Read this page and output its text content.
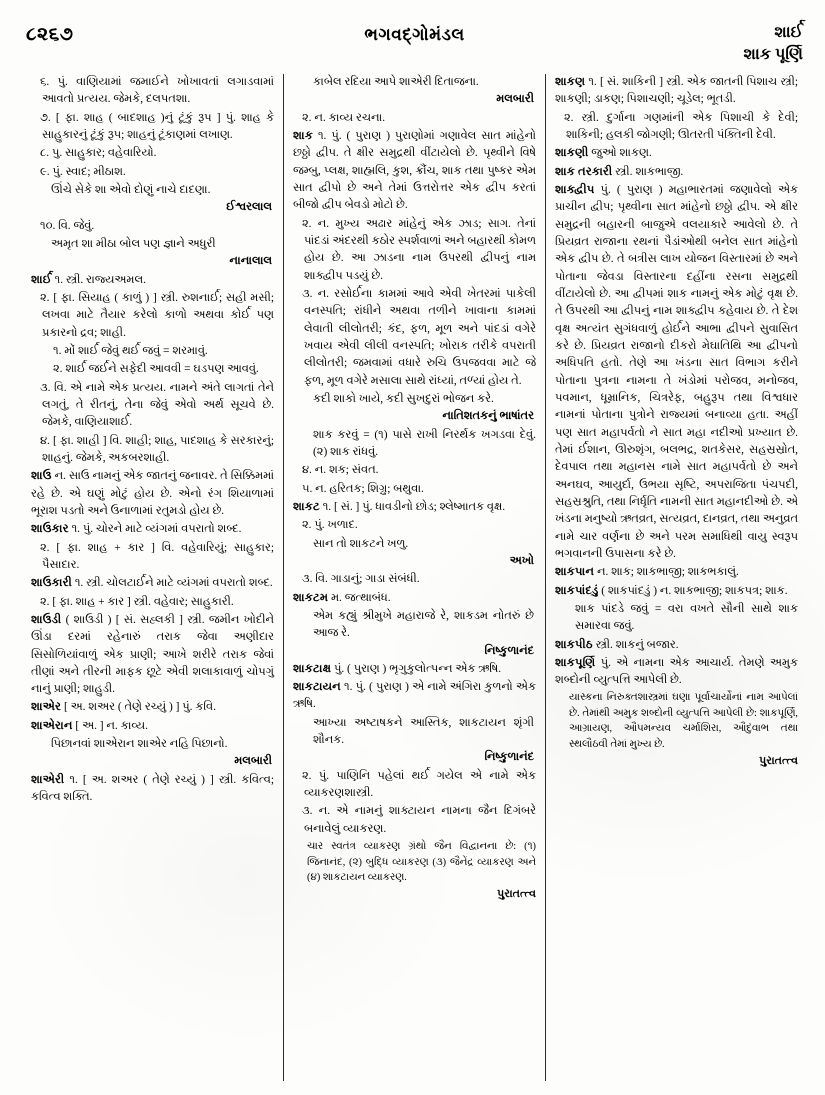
૮૨૬૭	ભગવદ્ગોમંડલ	શાર્ઈ
શાક પૂર્ણિ

૬. પું. વાણિયામાં જમાઈને ખોખાવતાં લગાડવામાં આવતો પ્રત્યય. જેમકે, દલપતશા.

૭. [ ફા. શાહ ( બાદશાહ )નું ટૂંકું રૂપ ] પું. શાહ કે સાહુકારનું ટૂંકું રૂપ; શાહનું ટૂંકાણમાં લખાણ.

૮. પુ. સાહુકાર; વહેવારિયો.

૯. પું. સ્વાદ; મીઠાશ.

ઊંચે સેકે શા એવો દોણું નાચે દાદણા.

ઈશ્વરલાલ

૧૦. વિ. જેવું.

અમૃત શા મીઠા બોલ પણ જ્ઞાને અધુરી

નાનાલાલ

શાર્ઈ ૧. સ્ત્રી. રાજ્યઅમલ.

૨. [ ફા. સિયાહ ( કાળું ) ] સ્ત્રી. રુશનાર્ઈ; સહી મસી; લખવા માટે તૈયાર કરેલો કાળો અથવા કોર્ઈ પણ પ્રકારનો દ્રવ; શાહી.

૧. મોં શાર્ઈ જેવું થર્ઈ જવું = શરમાવું.

૨. શાર્ઈ જર્ઈને સફેદી આવવી = ઘડપણ આવવું.

૩. વિ. એ નામે એક પ્રત્યય. નામને અંતે લાગતાં તેને લગતું, તે રીતનું, તેના જેવું એવો અર્થ સૂચવે છે. જેમકે, વાણિયાશાર્ઈ.

૪. [ ફા. શાહી ] વિ. શાહી; શાહ, પાદશાહ કે સરકારનું; શાહનું. જેમકે, અકબરશાહી.

શાઉ ન. સાઉ નામનું એક જાતનું જનાવર. તે સિક્કિમમાં રહે છે. એ ઘણું મોટું હોય છે. એનો રંગ શિયાળામાં ભૂરાશ પડતો અને ઉનાળામાં રતુમડો હોય છે.

શાઉકાર ૧. પું. ચોરને માટે વ્યંગમાં વપરાતો શબ્દ.

૨. [ ફા. શાહ + કાર ] વિ. વહેવારિયું; સાહુકાર; પૈસાદાર.

શાઉકારી ૧. સ્ત્રી. ચોલટાર્ઈને માટે વ્યંગમાં વપરાતો શબ્દ.

૨. [ ફા. શાહ + કાર ] સ્ત્રી. વહેવાર; સાહુકારી.

શાઉડી ( શાઉડી ) [ સં. સહ્લકી ] સ્ત્રી. જમીન ખોદીને ઊંડા દરમાં રહેનારું તરાક જેવા અણીદાર સિસોળિયાંવાળું એક પ્રાણી; આખે શરીરે તરાક જેવાં તીણાં અને તીરની માફક છૂટે એવી શલાકાવાળું ચોપગું નાનું પ્રાણી; શાહુડી.

શાએર [ અ. શઅર ( તેણે રચ્યું ) ] પું. કવિ.

શાએરાન [ અ. ] ન. કાવ્ય.

પિછાનવાં શાએરાન શાએર નહિ પિછાનો.

મલબારી

શાએરી ૧. [ અ. શઅર ( તેણે રચ્યું ) ] સ્ત્રી. કવિત્વ; કવિત્વ શક્તિ.

કાબેલ રદિયા આપે શાએરી દિતાજના.

મલબારી

૨. ન. કાવ્ય રચના.

શાક ૧. પું. ( પુરાણ ) પુરાણોમાં ગણાવેલ સાત માંહેનો છઠ્ઠો દ્વીપ. તે ક્ષીર સમુદ્રથી વીંટાયેલો છે. પૃથ્વીને વિષે જમ્બુ, પ્લક્ષ, શાહ્મલિ, કુશ, ક્રૌંચ, શાક તથા પુષ્કર એમ સાત દ્વીપો છે અને તેમાં ઉત્તરોત્તર એક દ્વીપ કરતાં બીજો દ્વીપ બેવડો મોટો છે.

૨. ન. મુખ્ય અઢાર માંહેનું એક ઝાડ; સાગ. તેનાં પાંદડાં અંદરથી કઠોર સ્પર્શવાળાં અને બહારથી કોમળ હોય છે. આ ઝાડના નામ ઉપરથી દ્વીપનું નામ શાક્દ્વીપ પડયું છે.

૩. ન. રસોર્ઈના કામમાં આવે એવી ખેતરમાં પાકેલી વનસ્પતિ; રાંધીને અથવા તળીને ખાવાના કામમાં લેવાતી લીલોતરી; કંદ, ફળ, મૂળ અને પાંદડાં વગેરે ખવાય એવી લીલી વનસ્પતિ; ખોરાક તરીકે વપરાતી લીલોતરી; જમવામાં વધારે રુચિ ઉપજવવા માટે જે ફળ, મૂળ વગેરે મસાલા સાથે રાંધ્યાં, તળ્યાં હોય તે.

કદી શાકો ખાયે, કદી સુખદુરાં ભોજન કરે.

નાતિશતકનું ભાષાંતર

શાક કરવું = (૧) પાસે રાખી નિરર્થક ખગડવા દેવું. (૨) શાક રાંધવું.

૪. ન. શક; સંવત.

૫. ન. હરિતક; શિગ્રુ; બથુવા.

શાકટ ૧. [ સં. ] પું. ધાવડીનો છોડ; શ્લેષ્માતક વૃક્ષ.

૨. પું. ખળાદ.

સાન તો શાકટને ખળુ.

અખો

૩. વિ. ગાડાનું; ગાડા સંબંધી.

શાકટમ મ. જત્થાબંધ.

એમ કહ્યું શ્રીમુખે મહારાજે રે, શાકડમ નોતરું છે આજ રે.

નિષ્કુળાનંદ

શાકટાક્ષ પું. ( પુરાણ ) ભૃગુકુલોત્પન્ન એક ઋષિ.

શાકટાયન ૧. પું. ( પુરાણ ) એ નામે અંગિરા કુળનો એક ઋષિ.

આખ્યા અષ્ટાષકને આસ્તિક, શાકટાયન શૃંગી શૌનક.

નિષ્કુળાનંદ

૨. પું. પાણિનિ પહેલાં થર્ઈ ગયેલ એ નામે એક વ્યાકરણશાસ્ત્રી.

૩. ન. એ નામનું શાક્ટાયન નામના જૈન દિગંબરે બનાવેલું વ્યાકરણ.

ચાર સ્વતંત્ર વ્યાકરણ ગ્રંથો જૈન વિદ્વાનના છે: (૧) જિનાનંદ, (૨) બુદ્ધિ વ્યાકરણ (૩) જૈનેંદ્ર વ્યાકરણ અને (૪) શાકટાયન વ્યાકરણ.

પુરાતત્ત્વ

શાકણ ૧. [ સં. શાકિની ] સ્ત્રી. એક જાતની પિશાચ સ્ત્રી; શાકણી; ડાકણ; પિશાચણી; ચૂડેલ; ભૂતડી.

૨. સ્ત્રી. દુર્ગાના ગણમાંની એક પિશાચી કે દેવી; શાકિની; હલકી જોગણી; ઊતરતી પંક્તિની દેવી.

શાકણી જુઓ શાકણ.

શાક તરકારી સ્ત્રી. શાકભાજી.

શાક્દ્વીપ પું. ( પુરાણ ) મહાભારતમાં જણાવેલો એક પ્રાચીન દ્વીપ; પૃથ્વીના સાત માંહેનો છઠ્ઠો દ્વીપ. એ ક્ષીર સમુદ્રની બહારની બાજુએ વલયાકારે આવેલો છે. તે પ્રિયવ્રત રાજાના રથનાં પૈડાંઓથી બનેલ સાત માંહેનો એક દ્વીપ છે. તે બત્રીસ લાખ યોજન વિસ્તારમાં છે અને પોતાના જેવડા વિસ્તારના દહીંના રસના સમુદ્રથી વીંટાયેલો છે. આ દ્વીપમાં શાક નામનું એક મોટું વૃક્ષ છે. તે ઉપરથી આ દ્વીપનું નામ શાક્દ્વીપ કહેવાય છે. તે દેશ વૃક્ષ અત્યંત સુગંધવાળું હોર્ઈને આભા દ્વીપને સુવાસિત કરે છે. પ્રિયવ્રત રાજાનો દીકરો મેઘાતિથિ આ દ્વીપનો અધિપતિ હતો. તેણે આ ખંડના સાત વિભાગ કરીને પોતાના પુત્રના નામના તે ખંડોમાં પરોજવ, મનોજવ, પવમાન, ધૂમ્રાનિક, ચિત્રરેફ, બહુરૂપ તથા વિશ્વધાર નામનાં પોતાના પુત્રોને રાજ્યમાં બનાવ્યા હતા. અહીં પણ સાત મહાપર્વતો ને સાત મહા નદીઓ પ્રખ્યાત છે. તેમાં ર્ઈશાન, ઊરુશૃંગ, બલભદ્ર, શતકેસર, સહસ્રસ્રોત, દેવપાલ તથા મહાનસ નામે સાત મહાપર્વતો છે અને અનઘવ, આયુર્દા, ઉભયા સૃષ્ટિ, અપરાજિતા પંચપદી, સહસ્રશ્રુતિ, તથા નિર્ધૃતિ નામની સાત મહાનદીઓ છે. એ ખંડના મનુષ્યો ઋતવ્રત, સત્યવ્રત, દાનવ્રત, તથા અનુવ્રત નામે ચાર વર્ણના છે અને પરમ સમાધિથી વાયુ સ્વરૂપ ભગવાનની ઉપાસના કરે છે.

શાકપાન ન. શાક; શાકભાજી; શાકભકાલું.

શાકપાંદડું ( શાકપાંદડું ) ન. શાકભાજી; શાકપત્ર; શાક.

શાક પાંદડે જવું = વરા વખતે સૌની સાથે શાક સમારવા જવું.

શાકપીઠ સ્ત્રી. શાકનું બજાર.

શાકપૂર્ણિ પું. એ નામના એક આચાર્ય. તેમણે અમુક શબ્દોની વ્યુત્પત્તિ આપેલી છે.

યાસ્કના નિરુક્તશાસ્ત્રમાં ઘણા પૂર્વાચાર્યોનાં નામ આપેલાં છે. તેમાંથી અમુક શબ્દોની વ્યુત્પત્તિ આપેલી છે: શાકપૂર્ણિ, આગ્રાયણ, ઔપમન્યવ ચર્માશિરા, ઔદુંવાભ તથા સ્થલૌઠવી તેમાં મુખ્ય છે.

પુરાતત્ત્વ
